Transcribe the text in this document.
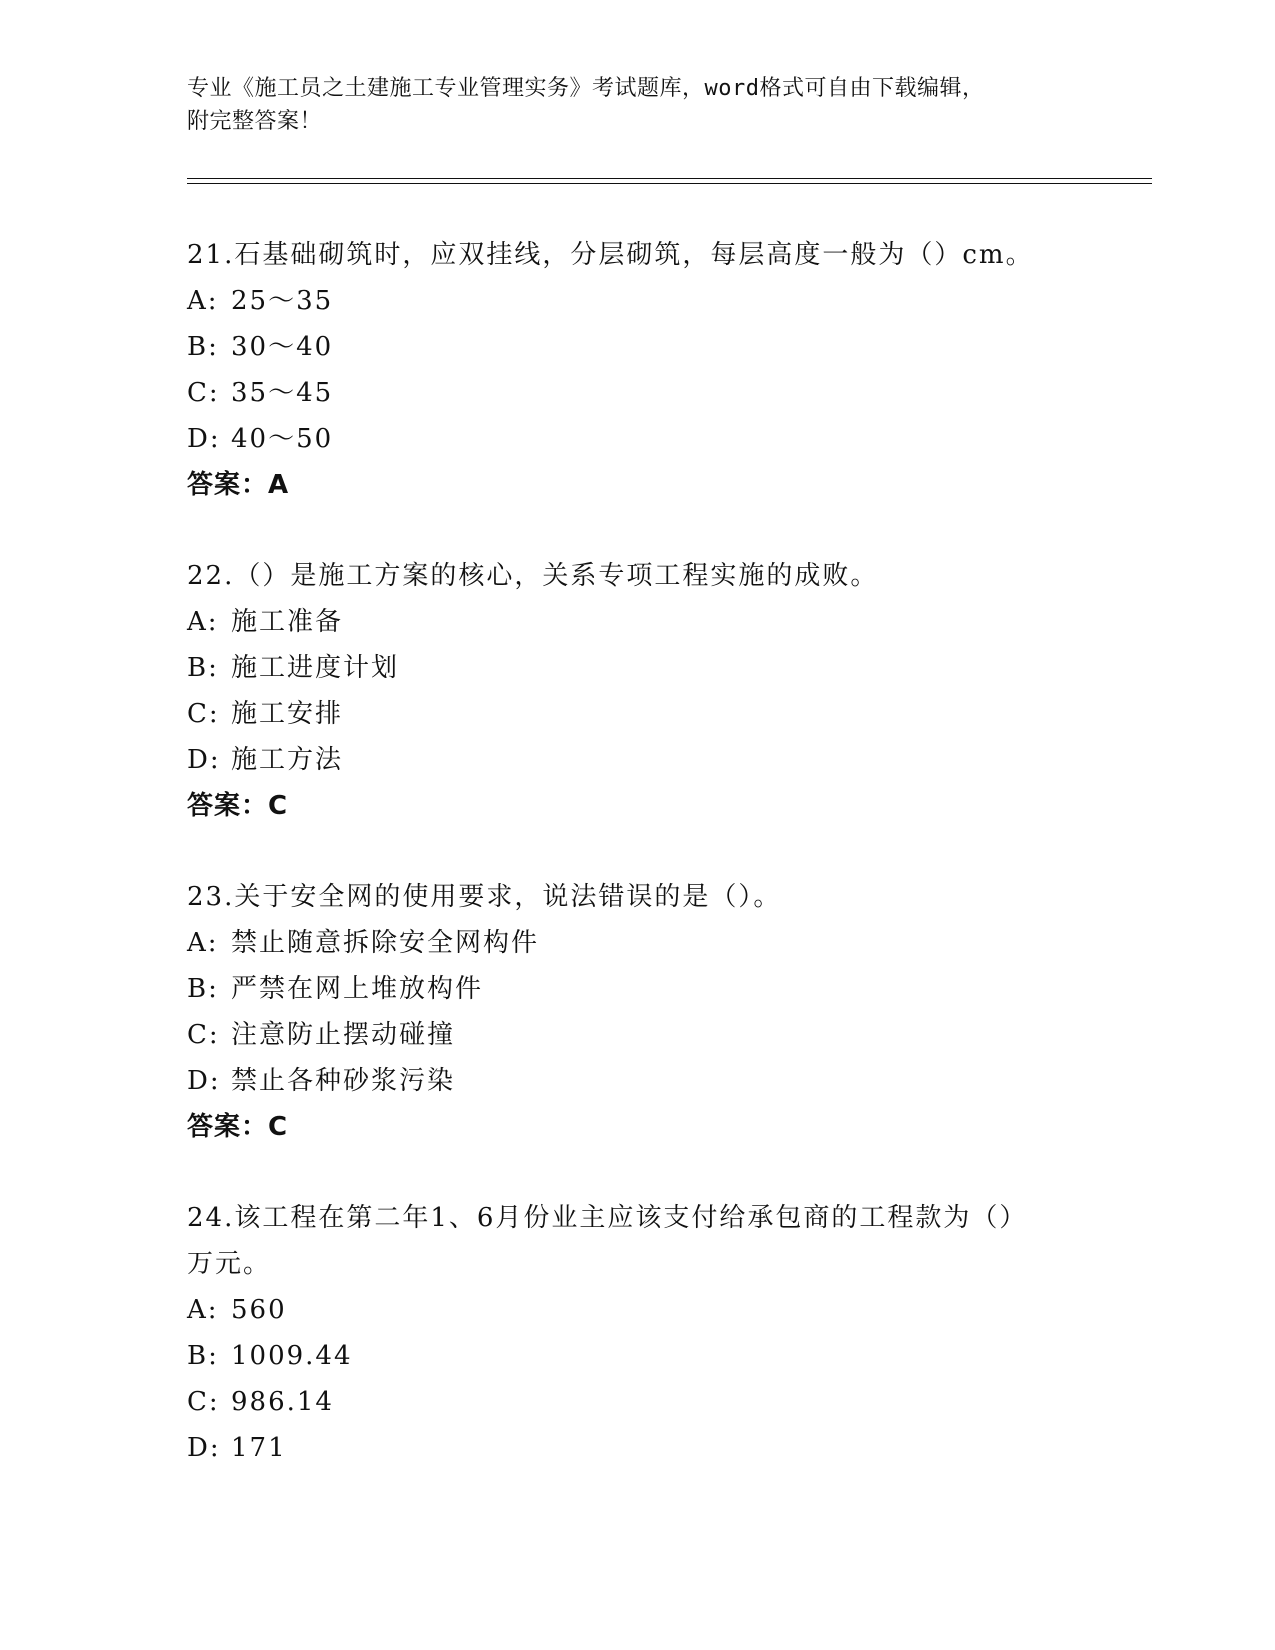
专业《施工员之土建施工专业管理实务》考试题库，word格式可自由下载编辑，
附完整答案！
21.石基础砌筑时，应双挂线，分层砌筑，每层高度一般为（）cm。
A: 25～35
B: 30～40
C: 35～45
D: 40～50
答案：A
22.（）是施工方案的核心，关系专项工程实施的成败。
A: 施工准备
B: 施工进度计划
C: 施工安排
D: 施工方法
答案：C
23.关于安全网的使用要求，说法错误的是（）。
A: 禁止随意拆除安全网构件
B: 严禁在网上堆放构件
C: 注意防止摆动碰撞
D: 禁止各种砂浆污染
答案：C
24.该工程在第二年1、6月份业主应该支付给承包商的工程款为（）
万元。
A: 560
B: 1009.44
C: 986.14
D: 171
